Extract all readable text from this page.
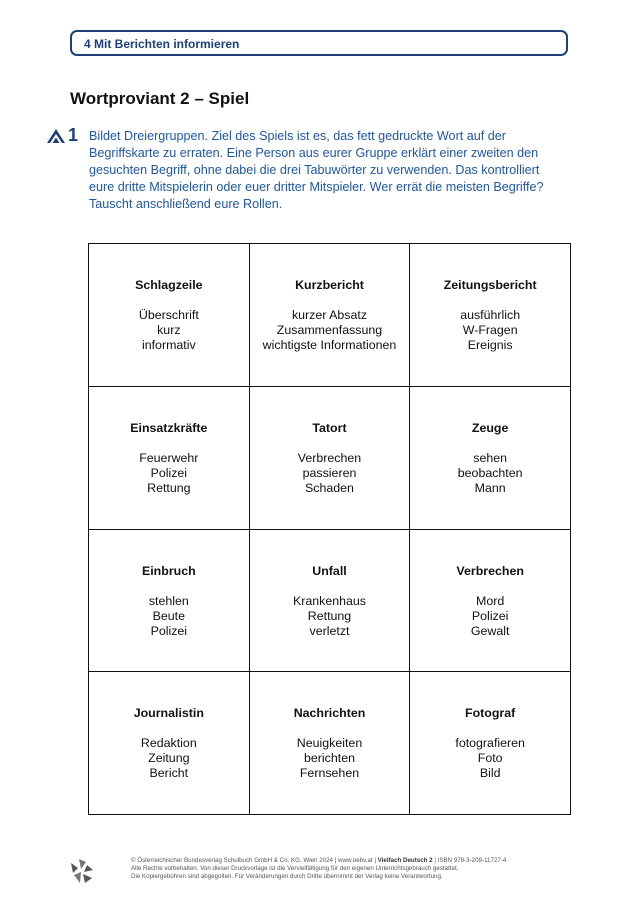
4 Mit Berichten informieren
Wortproviant 2 – Spiel
1 Bildet Dreiergruppen. Ziel des Spiels ist es, das fett gedruckte Wort auf der Begriffskarte zu erraten. Eine Person aus eurer Gruppe erklärt einer zweiten den gesuchten Begriff, ohne dabei die drei Tabuwörter zu verwenden. Das kontrolliert eure dritte Mitspielerin oder euer dritter Mitspieler. Wer errät die meisten Begriffe? Tauscht anschließend eure Rollen.
Schlagzeile
Überschrift
kurz
informativ
Kurzbericht
kurzer Absatz
Zusammenfassung
wichtigste Informationen
Zeitungsbericht
ausführlich
W-Fragen
Ereignis
Einsatzkräfte
Feuerwehr
Polizei
Rettung
Tatort
Verbrechen
passieren
Schaden
Zeuge
sehen
beobachten
Mann
Einbruch
stehlen
Beute
Polizei
Unfall
Krankenhaus
Rettung
verletzt
Verbrechen
Mord
Polizei
Gewalt
Journalistin
Redaktion
Zeitung
Bericht
Nachrichten
Neuigkeiten
berichten
Fernsehen
Fotograf
fotografieren
Foto
Bild
© Österreichischer Bundesverlag Schulbuch GmbH & Co. KG, Wien 2024 | www.oebv.at | Vielfach Deutsch 2 | ISBN 978-3-209-11727-4
Alle Rechte vorbehalten. Von dieser Druckvorlage ist die Vervielfältigung für den eigenen Unterrichtsgebrauch gestattet.
Die Kopiergebühren sind abgegolten. Für Veränderungen durch Dritte übernimmt der Verlag keine Verantwortung.
